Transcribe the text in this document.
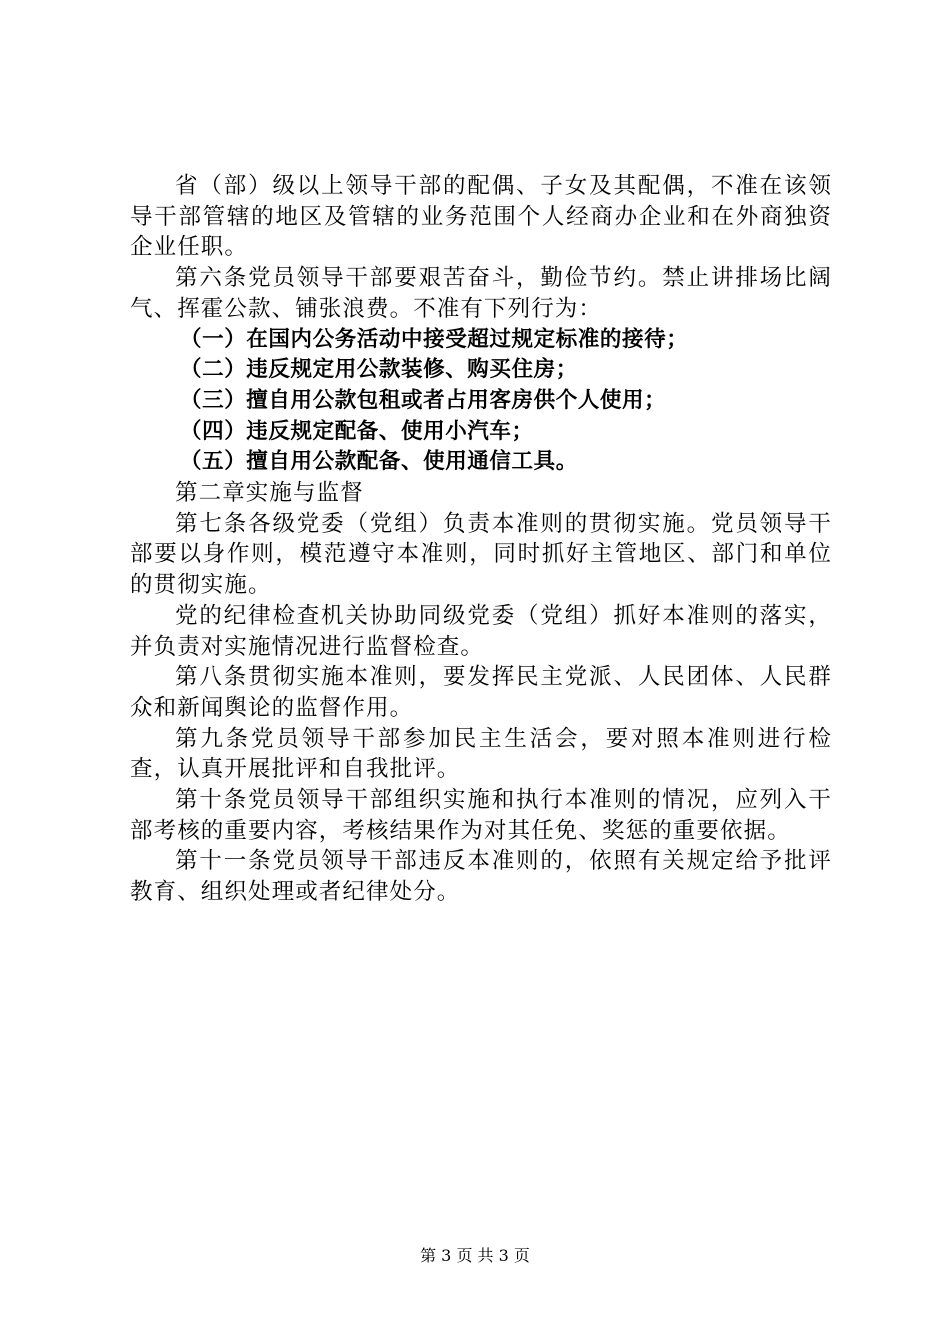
省（部）级以上领导干部的配偶、子女及其配偶，不准在该领导干部管辖的地区及管辖的业务范围个人经商办企业和在外商独资企业任职。

第六条党员领导干部要艰苦奋斗，勤俭节约。禁止讲排场比阔气、挥霍公款、铺张浪费。不准有下列行为：

（一）在国内公务活动中接受超过规定标准的接待；

（二）违反规定用公款装修、购买住房；

（三）擅自用公款包租或者占用客房供个人使用；

（四）违反规定配备、使用小汽车；

（五）擅自用公款配备、使用通信工具。

第二章实施与监督

第七条各级党委（党组）负责本准则的贯彻实施。党员领导干部要以身作则，模范遵守本准则，同时抓好主管地区、部门和单位的贯彻实施。

党的纪律检查机关协助同级党委（党组）抓好本准则的落实，并负责对实施情况进行监督检查。

第八条贯彻实施本准则，要发挥民主党派、人民团体、人民群众和新闻舆论的监督作用。

第九条党员领导干部参加民主生活会，要对照本准则进行检查，认真开展批评和自我批评。

第十条党员领导干部组织实施和执行本准则的情况，应列入干部考核的重要内容，考核结果作为对其任免、奖惩的重要依据。

第十一条党员领导干部违反本准则的，依照有关规定给予批评教育、组织处理或者纪律处分。

第 3 页 共 3 页
